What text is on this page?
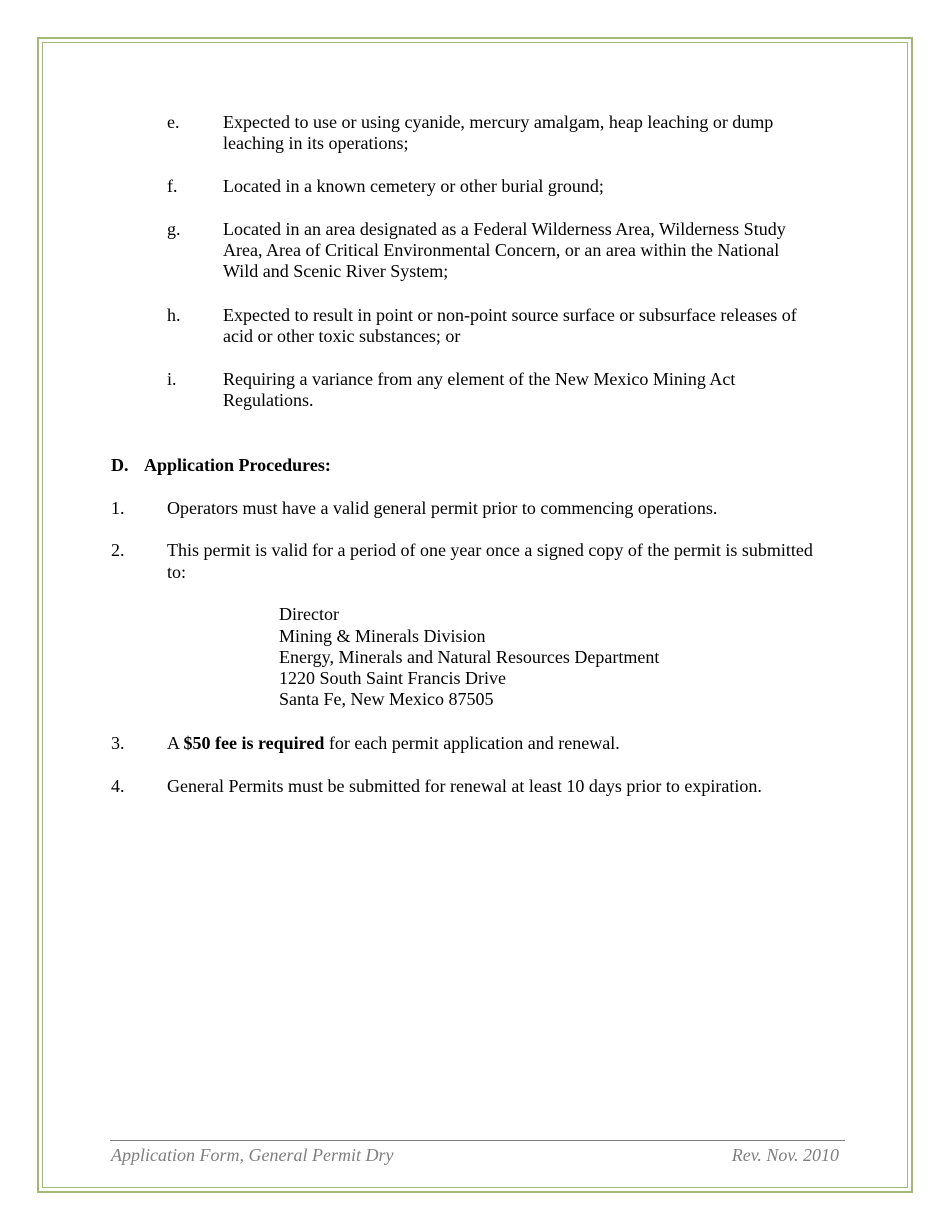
e. Expected to use or using cyanide, mercury amalgam, heap leaching or dump
leaching in its operations;
f.	Located in a known cemetery or other burial ground;
g. Located in an area designated as a Federal Wilderness Area, Wilderness Study
Area, Area of Critical Environmental Concern, or an area within the National
Wild and Scenic River System;
h. Expected to result in point or non-point source surface or subsurface releases of
acid or other toxic substances; or
i.	Requiring a variance from any element of the New Mexico Mining Act
Regulations.
D. Application Procedures:
1. Operators must have a valid general permit prior to commencing operations.
2. This permit is valid for a period of one year once a signed copy of the permit is submitted
to:
Director
Mining & Minerals Division
Energy, Minerals and Natural Resources Department
1220 South Saint Francis Drive
Santa Fe, New Mexico 87505
3. A $50 fee is required for each permit application and renewal.
4. General Permits must be submitted for renewal at least 10 days prior to expiration.
Application Form, General Permit Dry	Rev. Nov. 2010
